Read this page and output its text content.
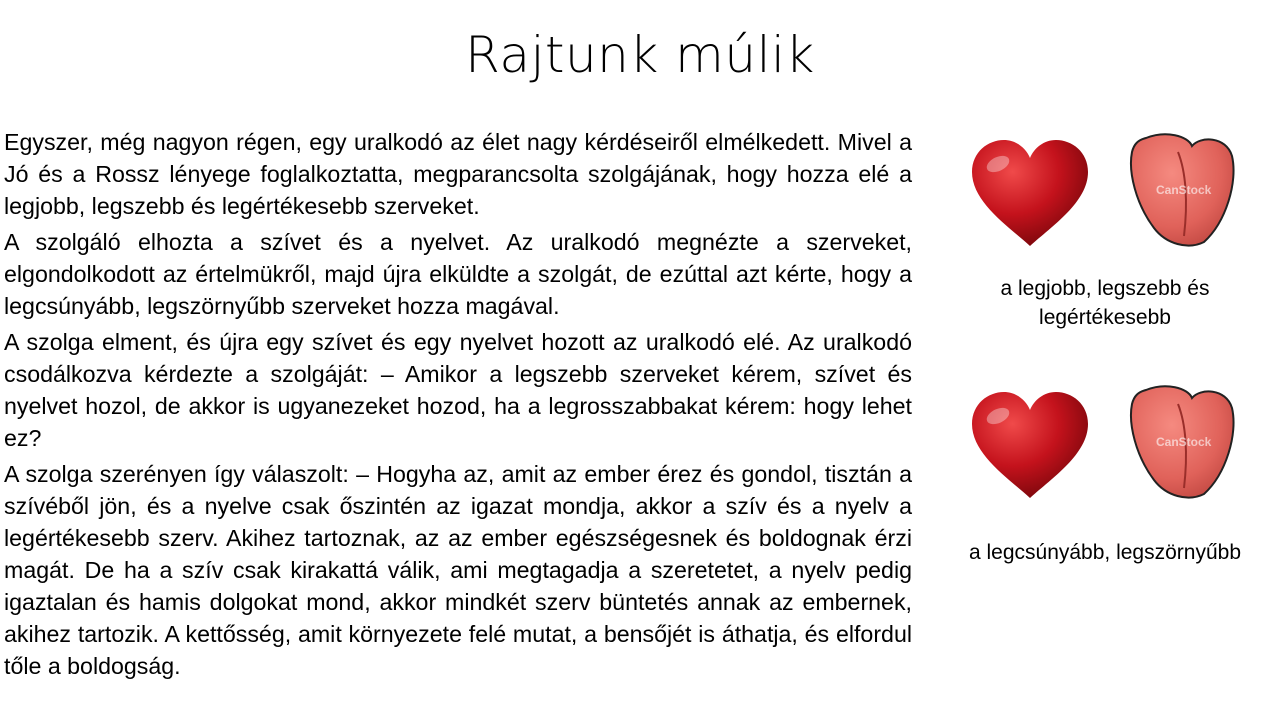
Rajtunk múlik

Egyszer, még nagyon régen, egy uralkodó az élet nagy kérdéseiről elmélkedett. Mivel a Jó és a Rossz lényege foglalkoztatta, megparancsolta szolgájának, hogy hozza elé a legjobb, legszebb és legértékesebb szerveket.

A szolgáló elhozta a szívet és a nyelvet. Az uralkodó megnézte a szerveket, elgondolkodott az értelmükről, majd újra elküldte a szolgát, de ezúttal azt kérte, hogy a legcsúnyább, legszörnyűbb szerveket hozza magával.

A szolga elment, és újra egy szívet és egy nyelvet hozott az uralkodó elé. Az uralkodó csodálkozva kérdezte a szolgáját: – Amikor a legszebb szerveket kérem, szívet és nyelvet hozol, de akkor is ugyanezeket hozod, ha a legrosszabbakat kérem: hogy lehet ez?

A szolga szerényen így válaszolt: – Hogyha az, amit az ember érez és gondol, tisztán a szívéből jön, és a nyelve csak őszintén az igazat mondja, akkor a szív és a nyelv a legértékesebb szerv. Akihez tartoznak, az az ember egészségesnek és boldognak érzi magát. De ha a szív csak kirakattá válik, ami megtagadja a szeretetet, a nyelv pedig igaztalan és hamis dolgokat mond, akkor mindkét szerv büntetés annak az embernek, akihez tartozik. A kettősség, amit környezete felé mutat, a bensőjét is áthatja, és elfordul tőle a boldogság.

CanStock
a legjobb, legszebb és legértékesebb
CanStock
a legcsúnyább, legszörnyűbb
